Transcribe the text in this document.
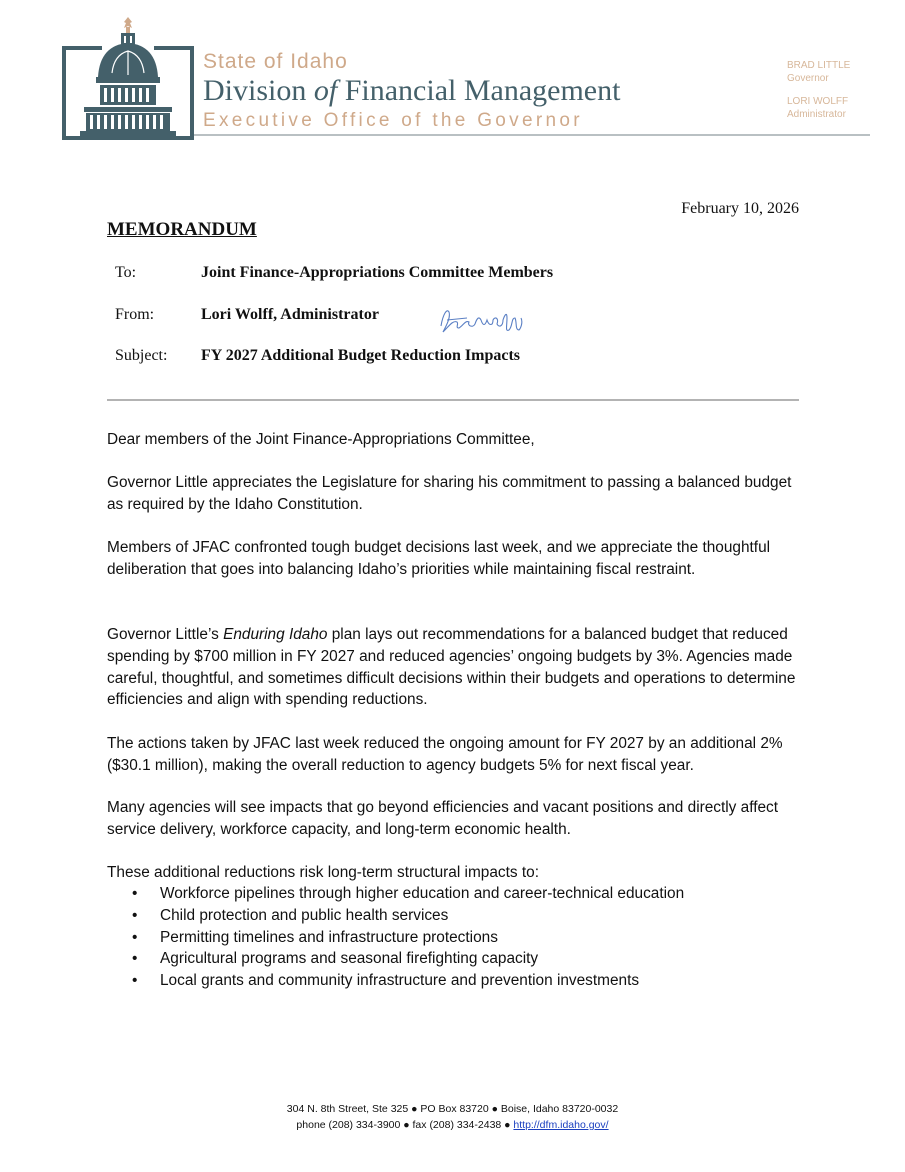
State of Idaho
Division of Financial Management
Executive Office of the Governor
BRAD LITTLE
Governor
LORI WOLFF
Administrator
February 10, 2026
MEMORANDUM
To:	Joint Finance-Appropriations Committee Members
From:	Lori Wolff, Administrator
Subject: FY 2027 Additional Budget Reduction Impacts

Dear members of the Joint Finance-Appropriations Committee,

Governor Little appreciates the Legislature for sharing his commitment to passing a balanced budget as required by the Idaho Constitution.

Members of JFAC confronted tough budget decisions last week, and we appreciate the thoughtful deliberation that goes into balancing Idaho’s priorities while maintaining fiscal restraint.

Governor Little’s Enduring Idaho plan lays out recommendations for a balanced budget that reduced spending by $700 million in FY 2027 and reduced agencies’ ongoing budgets by 3%. Agencies made careful, thoughtful, and sometimes difficult decisions within their budgets and operations to determine efficiencies and align with spending reductions.

The actions taken by JFAC last week reduced the ongoing amount for FY 2027 by an additional 2% ($30.1 million), making the overall reduction to agency budgets 5% for next fiscal year.

Many agencies will see impacts that go beyond efficiencies and vacant positions and directly affect service delivery, workforce capacity, and long-term economic health.

These additional reductions risk long-term structural impacts to:

• Workforce pipelines through higher education and career-technical education
• Child protection and public health services
• Permitting timelines and infrastructure protections
• Agricultural programs and seasonal firefighting capacity
• Local grants and community infrastructure and prevention investments
304 N. 8th Street, Ste 325 ● PO Box 83720 ● Boise, Idaho 83720-0032
phone (208) 334-3900 ● fax (208) 334-2438 ● http://dfm.idaho.gov/
